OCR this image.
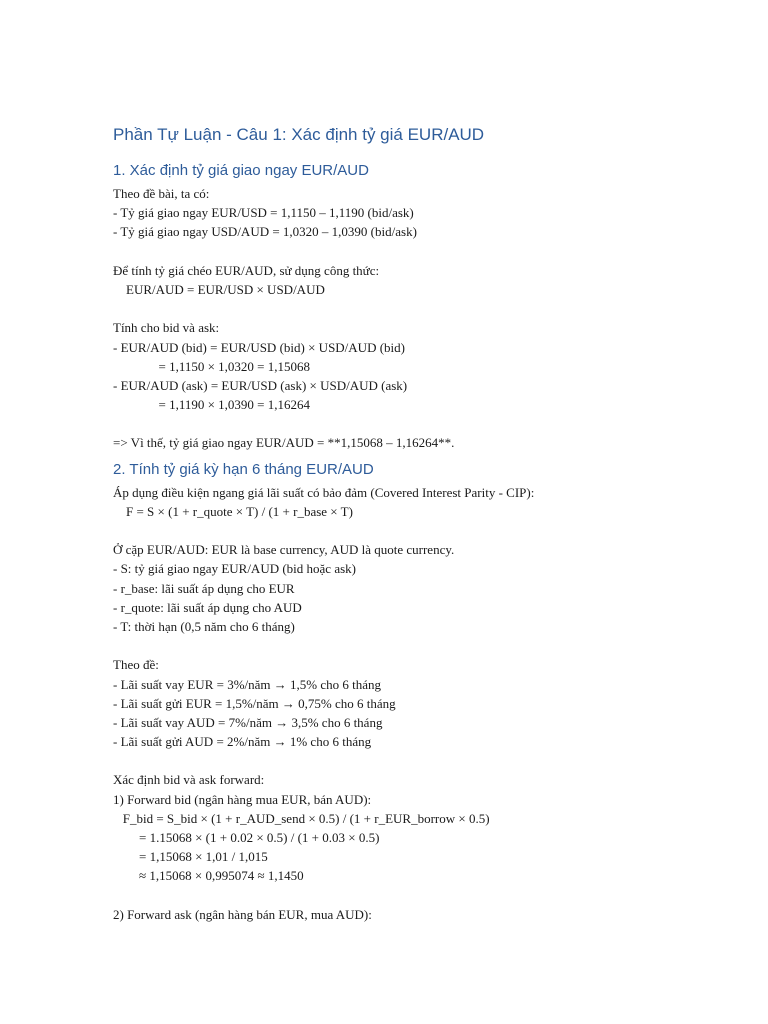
Phần Tự Luận - Câu 1: Xác định tỷ giá EUR/AUD
1. Xác định tỷ giá giao ngay EUR/AUD
Theo đề bài, ta có:
- Tỷ giá giao ngay EUR/USD = 1,1150 – 1,1190 (bid/ask)
- Tỷ giá giao ngay USD/AUD = 1,0320 – 1,0390 (bid/ask)
Để tính tỷ giá chéo EUR/AUD, sử dụng công thức:
EUR/AUD = EUR/USD × USD/AUD
Tính cho bid và ask:
- EUR/AUD (bid) = EUR/USD (bid) × USD/AUD (bid)
= 1,1150 × 1,0320 = 1,15068
- EUR/AUD (ask) = EUR/USD (ask) × USD/AUD (ask)
= 1,1190 × 1,0390 = 1,16264
=> Vì thế, tỷ giá giao ngay EUR/AUD = **1,15068 – 1,16264**.
2. Tính tỷ giá kỳ hạn 6 tháng EUR/AUD
Áp dụng điều kiện ngang giá lãi suất có bảo đảm (Covered Interest Parity - CIP):
F = S × (1 + r_quote × T) / (1 + r_base × T)
Ở cặp EUR/AUD: EUR là base currency, AUD là quote currency.
- S: tỷ giá giao ngay EUR/AUD (bid hoặc ask)
- r_base: lãi suất áp dụng cho EUR
- r_quote: lãi suất áp dụng cho AUD
- T: thời hạn (0,5 năm cho 6 tháng)
Theo đề:
- Lãi suất vay EUR = 3%/năm → 1,5% cho 6 tháng
- Lãi suất gửi EUR = 1,5%/năm → 0,75% cho 6 tháng
- Lãi suất vay AUD = 7%/năm → 3,5% cho 6 tháng
- Lãi suất gửi AUD = 2%/năm → 1% cho 6 tháng
Xác định bid và ask forward:
1) Forward bid (ngân hàng mua EUR, bán AUD):
F_bid = S_bid × (1 + r_AUD_send × 0.5) / (1 + r_EUR_borrow × 0.5)
= 1.15068 × (1 + 0.02 × 0.5) / (1 + 0.03 × 0.5)
= 1,15068 × 1,01 / 1,015
≈ 1,15068 × 0,995074 ≈ 1,1450
2) Forward ask (ngân hàng bán EUR, mua AUD):
